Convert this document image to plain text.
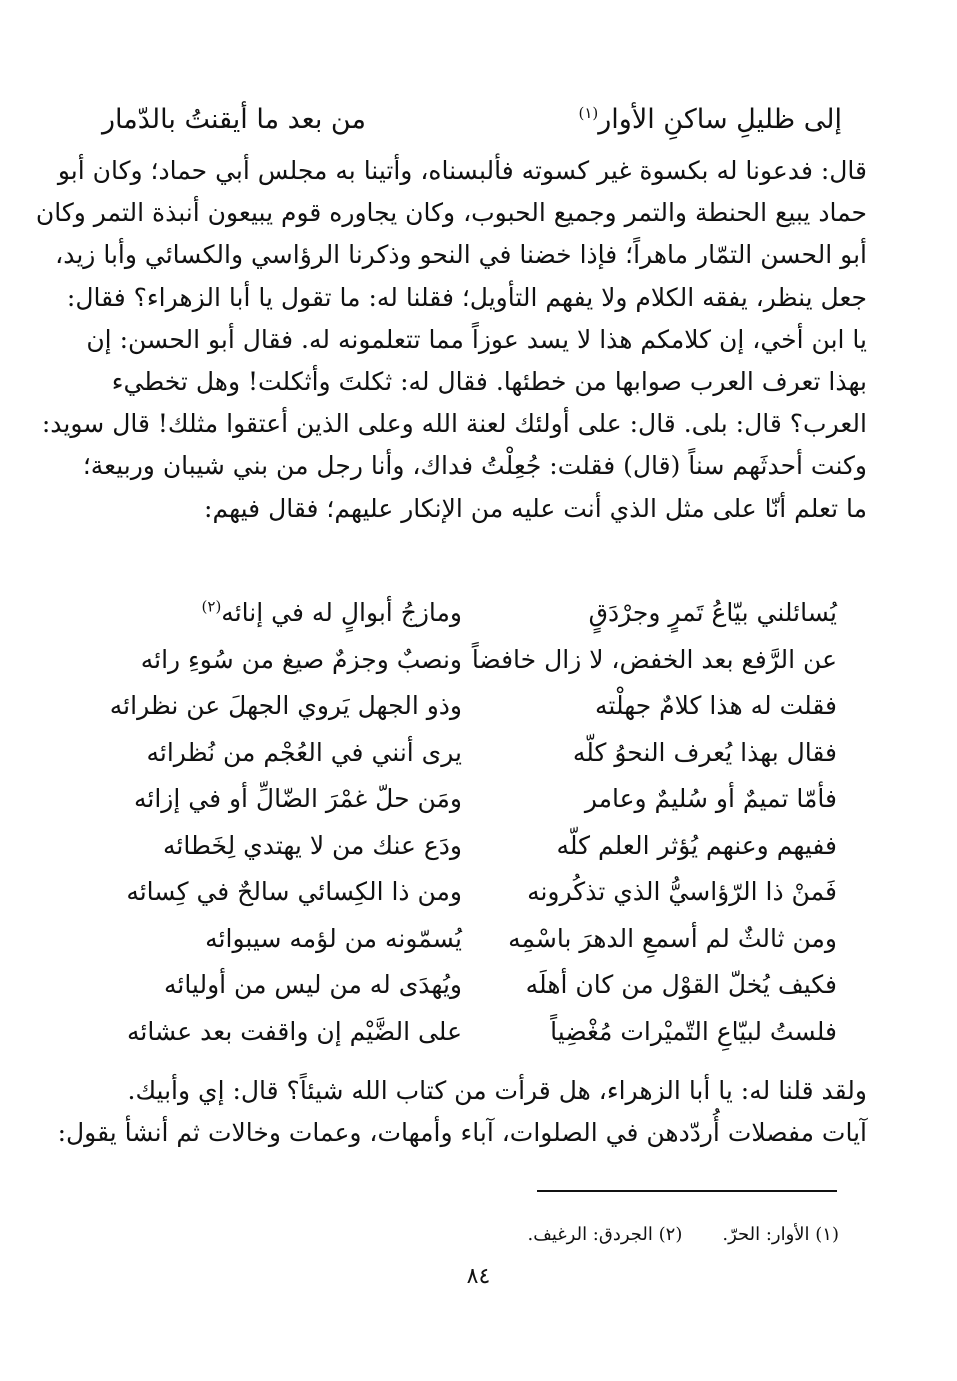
إلى ظليلِ ساكنِ الأوار$^{(١)}$
من بعد ما أيقنتُ بالدّمار
قال: فدعونا له بكسوة غير كسوته فألبسناه، وأتينا به مجلس أبي حماد؛ وكان أبو
حماد يبيع الحنطة والتمر وجميع الحبوب، وكان يجاوره قوم يبيعون أنبذة التمر وكان
أبو الحسن التمّار ماهراً؛ فإذا خضنا في النحو وذكرنا الرؤاسي والكسائي وأبا زيد،
جعل ينظر، يفقه الكلام ولا يفهم التأويل؛ فقلنا له: ما تقول يا أبا الزهراء؟ فقال:
يا ابن أخي، إن كلامكم هذا لا يسد عوزاً مما تتعلمونه له. فقال أبو الحسن: إن
بهذا تعرف العرب صوابها من خطئها. فقال له: ثكلتَ وأثكلت! وهل تخطيء
العرب؟ قال: بلى. قال: على أولئك لعنة الله وعلى الذين أعتقوا مثلك! قال سويد:
وكنت أحدثَهم سناً (قال) فقلت: جُعِلْتُ فداك، وأنا رجل من بني شيبان وربيعة؛
ما تعلم أنّا على مثل الذي أنت عليه من الإنكار عليهم؛ فقال فيهم:
يُسائلني بيّاعُ تَمرٍ وجرْدَقٍ
ومازجُ أبوالٍ له في إنائه$^{(٢)}$
عن الرَّفع بعد الخفض، لا زال خافضاً
ونصبٌ وجزمٌ صيغ من سُوءِ رائه
فقلت له هذا كلامٌ جهلْته
وذو الجهل يَروي الجهلَ عن نظرائه
فقال بهذا يُعرف النحوُ كلّه
يرى أنني في العُجْم من نُظرائه
فأمّا تميمٌ أو سُليمٌ وعامر
ومَن حلّ غمْرَ الضّالِّ أو في إزائه
ففيهم وعنهم يُؤثر العلم كلّه
ودَع عنك من لا يهتدي لِخَطائه
فَمنْ ذا الرّؤاسيُّ الذي تذكُرونه
ومن ذا الكِسائي سالحٌ في كِسائه
ومن ثالثٌ لم أسمعِ الدهرَ باسْمِه
يُسمّونه من لؤمه سيبوائه
فكيف يُخلّ القوْل من كان أهلَه
ويُهدَى له من ليس من أوليائه
فلستُ لبيّاعِ التّميْرات مُغْضِياً
على الضَّيْم إن واقفت بعد عشائه
ولقد قلنا له: يا أبا الزهراء، هل قرأت من كتاب الله شيئاً؟ قال: إي وأبيك.
آيات مفصلات أُردّدهن في الصلوات، آباء وأمهات، وعمات وخالات ثم أنشأ يقول:
(١) الأوار: الحرّ.
(٢) الجردق: الرغيف.
٨٤
